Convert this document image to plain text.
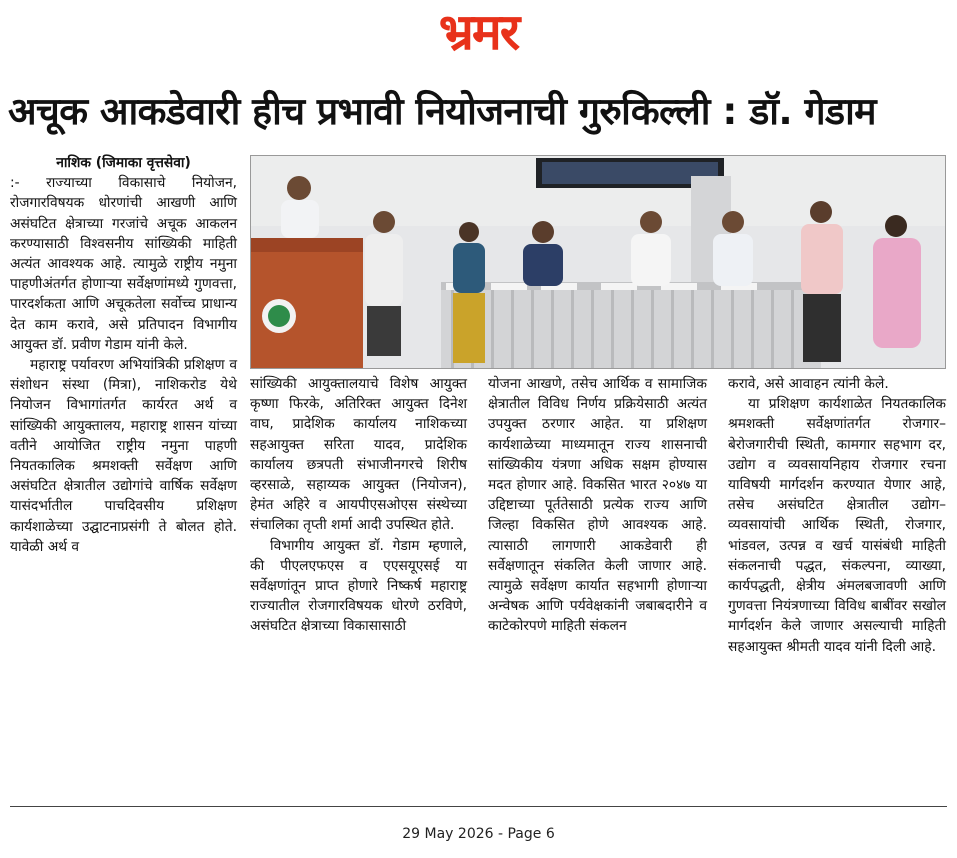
भ्रमर
अचूक आकडेवारी हीच प्रभावी नियोजनाची गुरुकिल्ली : डॉ. गेडाम

नाशिक (जिमाका वृत्तसेवा)

:- राज्याच्या विकासाचे नियोजन, रोजगारविषयक धोरणांची आखणी आणि असंघटित क्षेत्राच्या गरजांचे अचूक आकलन करण्यासाठी विश्वसनीय सांख्यिकी माहिती अत्यंत आवश्यक आहे. त्यामुळे राष्ट्रीय नमुना पाहणीअंतर्गत होणाऱ्या सर्वेक्षणांमध्ये गुणवत्ता, पारदर्शकता आणि अचूकतेला सर्वोच्च प्राधान्य देत काम करावे, असे प्रतिपादन विभागीय आयुक्त डॉ. प्रवीण गेडाम यांनी केले.

महाराष्ट्र पर्यावरण अभियांत्रिकी प्रशिक्षण व संशोधन संस्था (मित्रा), नाशिकरोड येथे नियोजन विभागांतर्गत कार्यरत अर्थ व सांख्यिकी आयुक्तालय, महाराष्ट्र शासन यांच्या वतीने आयोजित राष्ट्रीय नमुना पाहणी नियतकालिक श्रमशक्ती सर्वेक्षण आणि असंघटित क्षेत्रातील उद्योगांचे वार्षिक सर्वेक्षण यासंदर्भातील पाचदिवसीय प्रशिक्षण कार्यशाळेच्या उद्घाटनाप्रसंगी ते बोलत होते. यावेळी अर्थ व

सांख्यिकी आयुक्तालयाचे विशेष आयुक्त कृष्णा फिरके, अतिरिक्त आयुक्त दिनेश वाघ, प्रादेशिक कार्यालय नाशिकच्या सहआयुक्त सरिता यादव, प्रादेशिक कार्यालय छत्रपती संभाजीनगरचे शिरीष व्हरसाळे, सहाय्यक आयुक्त (नियोजन), हेमंत अहिरे व आयपीएसओएस संस्थेच्या संचालिका तृप्ती शर्मा आदी उपस्थित होते.

विभागीय आयुक्त डॉ. गेडाम म्हणाले, की पीएलएफएस व एएसयूएसई या सर्वेक्षणांतून प्राप्त होणारे निष्कर्ष महाराष्ट्र राज्यातील रोजगारविषयक धोरणे ठरविणे, असंघटित क्षेत्राच्या विकासासाठी

योजना आखणे, तसेच आर्थिक व सामाजिक क्षेत्रातील विविध निर्णय प्रक्रियेसाठी अत्यंत उपयुक्त ठरणार आहेत. या प्रशिक्षण कार्यशाळेच्या माध्यमातून राज्य शासनाची सांख्यिकीय यंत्रणा अधिक सक्षम होण्यास मदत होणार आहे. विकसित भारत २०४७ या उद्दिष्टाच्या पूर्ततेसाठी प्रत्येक राज्य आणि जिल्हा विकसित होणे आवश्यक आहे. त्यासाठी लागणारी आकडेवारी ही सर्वेक्षणातून संकलित केली जाणार आहे. त्यामुळे सर्वेक्षण कार्यात सहभागी होणाऱ्या अन्वेषक आणि पर्यवेक्षकांनी जबाबदारीने व काटेकोरपणे माहिती संकलन

करावे, असे आवाहन त्यांनी केले.

या प्रशिक्षण कार्यशाळेत नियतकालिक श्रमशक्ती सर्वेक्षणांतर्गत रोजगार–बेरोजगारीची स्थिती, कामगार सहभाग दर, उद्योग व व्यवसायनिहाय रोजगार रचना याविषयी मार्गदर्शन करण्यात येणार आहे, तसेच असंघटित क्षेत्रातील उद्योग–व्यवसायांची आर्थिक स्थिती, रोजगार, भांडवल, उत्पन्न व खर्च यासंबंधी माहिती संकलनाची पद्धत, संकल्पना, व्याख्या, कार्यपद्धती, क्षेत्रीय अंमलबजावणी आणि गुणवत्ता नियंत्रणाच्या विविध बाबींवर सखोल मार्गदर्शन केले जाणार असल्याची माहिती सहआयुक्त श्रीमती यादव यांनी दिली आहे.

29 May 2026 - Page 6
